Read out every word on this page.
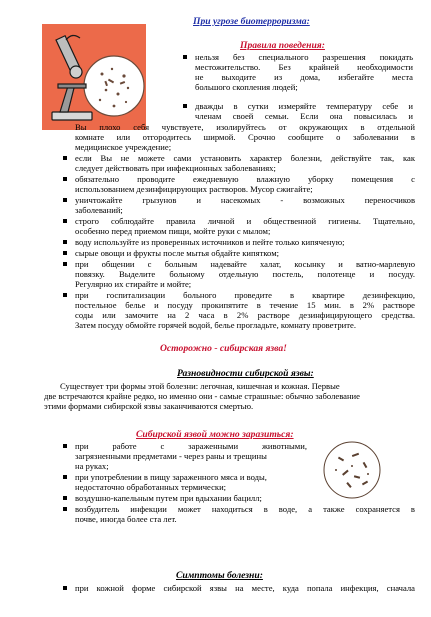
При угрозе биотерроризма:
Правила поведения:
нельзя без специального разрешения покидать
местожительство. Без крайней необходимости
не выходите из дома, избегайте места
большого скопления людей;
дважды в сутки измеряйте температуру себе и
членам своей семьи. Если она повысилась и
Вы плохо себя чувствуете, изолируйтесь от окружающих в отдельной
комнате или отгородитесь ширмой. Срочно сообщите о заболевании в
медицинское учреждение;
если Вы не можете сами установить характер болезни, действуйте так, как
следует действовать при инфекционных заболеваниях;
обязательно проводите ежедневную влажную уборку помещения с
использованием дезинфицирующих растворов. Мусор сжигайте;
уничтожайте грызунов и насекомых - возможных переносчиков
заболеваний;
строго соблюдайте правила личной и общественной гигиены. Тщательно,
особенно перед приемом пищи, мойте руки с мылом;
воду используйте из проверенных источников и пейте только кипяченую;
сырые овощи и фрукты после мытья обдайте кипятком;
при общении с больным надевайте халат, косынку и ватно-марлевую
повязку. Выделите больному отдельную постель, полотенце и посуду.
Регулярно их стирайте и мойте;
при госпитализации больного проведите в квартире дезинфекцию,
постельное белье и посуду прокипятите в течение 15 мин. в 2% растворе
соды или замочите на 2 часа в 2% растворе дезинфицирующего средства.
Затем посуду обмойте горячей водой, белье прогладьте, комнату проветрите.
Осторожно - сибирская язва!
Разновидности сибирской язвы:
Существует три формы этой болезни: легочная, кишечная и кожная. Первые
две встречаются крайне редко, но именно они - самые страшные: обычно заболевание
этими формами сибирской язвы заканчиваются смертью.
Сибирской язвой можно заразиться:
при работе с зараженными животными,
загрязненными предметами - через раны и трещины
на руках;
при употреблении в пищу зараженного мяса и воды,
недостаточно обработанных термически;
воздушно-капельным путем при вдыхании бацилл;
возбудитель инфекции может находиться в воде, а также сохраняется в
почве, иногда более ста лет.
Симптомы болезни:
при кожной форме сибирской язвы на месте, куда попала инфекция, сначала
